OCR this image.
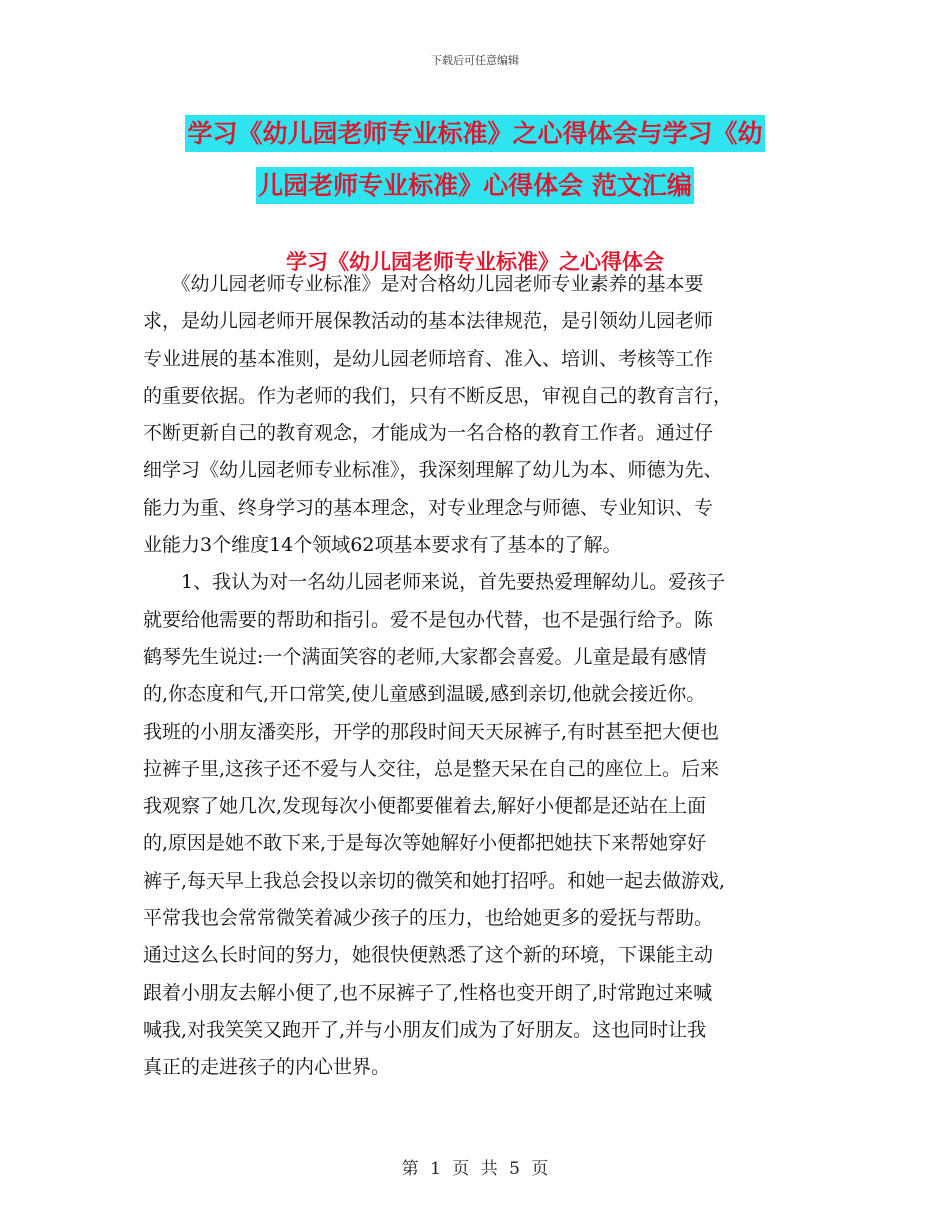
下载后可任意编辑
学习《幼儿园老师专业标准》之心得体会与学习《幼
儿园老师专业标准》心得体会 范文汇编
学习《幼儿园老师专业标准》之心得体会

　　《幼儿园老师专业标准》是对合格幼儿园老师专业素养的基本要
求，是幼儿园老师开展保教活动的基本法律规范，是引领幼儿园老师
专业进展的基本准则，是幼儿园老师培育、准入、培训、考核等工作
的重要依据。作为老师的我们，只有不断反思，审视自己的教育言行，
不断更新自己的教育观念，才能成为一名合格的教育工作者。通过仔
细学习《幼儿园老师专业标准》，我深刻理解了幼儿为本、师德为先、
能力为重、终身学习的基本理念，对专业理念与师德、专业知识、专
业能力3个维度14个领域62项基本要求有了基本的了解。

　　1、我认为对一名幼儿园老师来说，首先要热爱理解幼儿。爱孩子
就要给他需要的帮助和指引。爱不是包办代替，也不是强行给予。陈
鹤琴先生说过:一个满面笑容的老师,大家都会喜爱。儿童是最有感情
的,你态度和气,开口常笑,使儿童感到温暖,感到亲切,他就会接近你。
我班的小朋友潘奕彤，开学的那段时间天天尿裤子,有时甚至把大便也
拉裤子里,这孩子还不爱与人交往，总是整天呆在自己的座位上。后来
我观察了她几次,发现每次小便都要催着去,解好小便都是还站在上面
的,原因是她不敢下来,于是每次等她解好小便都把她扶下来帮她穿好
裤子,每天早上我总会投以亲切的微笑和她打招呼。和她一起去做游戏,
平常我也会常常微笑着减少孩子的压力，也给她更多的爱抚与帮助。
通过这么长时间的努力，她很快便熟悉了这个新的环境，下课能主动
跟着小朋友去解小便了,也不尿裤子了,性格也变开朗了,时常跑过来喊
喊我,对我笑笑又跑开了,并与小朋友们成为了好朋友。这也同时让我
真正的走进孩子的内心世界。

第 1 页 共 5 页
